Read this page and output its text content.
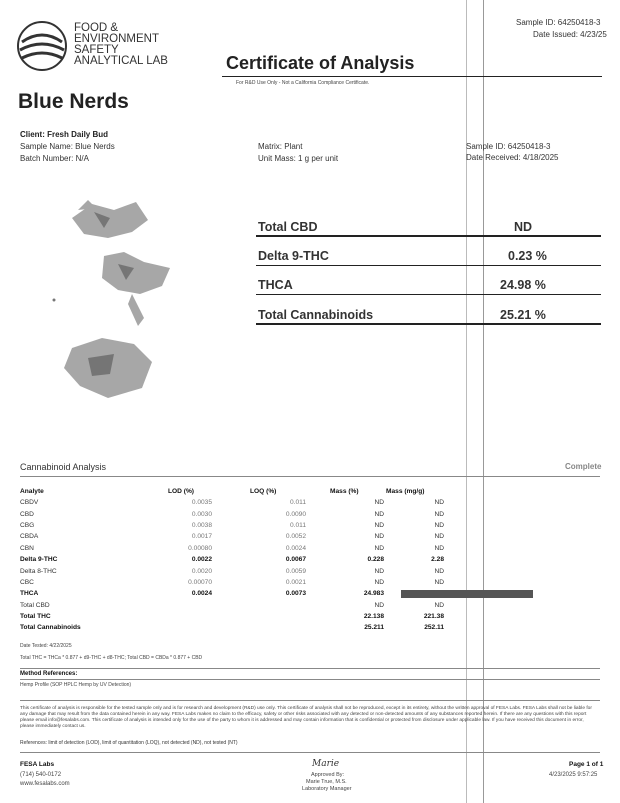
FOOD &
ENVIRONMENT
SAFETY
ANALYTICAL LAB
Sample ID: 64250418-3
Date Issued: 4/23/25
Certificate of Analysis
For R&D Use Only - Not a California Compliance Certificate.
Blue Nerds
Client: Fresh Daily Bud
Sample Name: Blue Nerds
Batch Number: N/A
Matrix: Plant
Unit Mass: 1 g per unit
Sample ID: 64250418-3
Date Received: 4/18/2025
Total CBD	ND
Delta 9-THC	0.23 %
THCA	24.98 %
Total Cannabinoids	25.21 %
Cannabinoid Analysis	Complete
Analyte	LOD (%)	LOQ (%)	Mass (%)	Mass (mg/g)
CBDV	0.0035	0.011	ND	ND
CBD	0.0030	0.0090	ND	ND
CBG	0.0038	0.011	ND	ND
CBDA	0.0017	0.0052	ND	ND
CBN	0.00080	0.0024	ND	ND
Delta 9-THC	0.0022	0.0067	0.228	2.28
Delta 8-THC	0.0020	0.0059	ND	ND
CBC	0.00070	0.0021	ND	ND
THCA	0.0024	0.0073	24.983	
Total CBD			ND	ND
Total THC			22.138	221.38
Total Cannabinoids			25.211	252.11
Date Tested: 4/22/2025
Total THC = THCa * 0.877 + d9-THC + d8-THC; Total CBD = CBDa * 0.877 + CBD
Method References:
Hemp Profile (SOP HPLC Hemp by UV Detection)
This certificate of analysis is responsible for the tested sample only and is for research and development (R&D) use only. This certificate of analysis shall not be reproduced, except in its entirety, without the written approval of FESA Labs. FESA Labs shall not be liable for any damage that may result from the data contained herein in any way. FESA Labs makes no claim to the efficacy, safety or other risks associated with any detected or non-detected amounts of any substances reported herein. If there are any questions with this report please email info@fesalabs.com. This certificate of analysis is intended only for the use of the party to whom it is addressed and may contain information that is confidential or protected from disclosure under applicable law. If you have received this document in error, please immediately contact us.
References: limit of detection (LOD), limit of quantitation (LOQ), not detected (ND), not tested (NT)
FESA Labs
(714) 540-0172
www.fesalabs.com
Marie
Approved By:
Marie True, M.S.
Laboratory Manager
Page 1 of 1
4/23/2025 9:57:25
